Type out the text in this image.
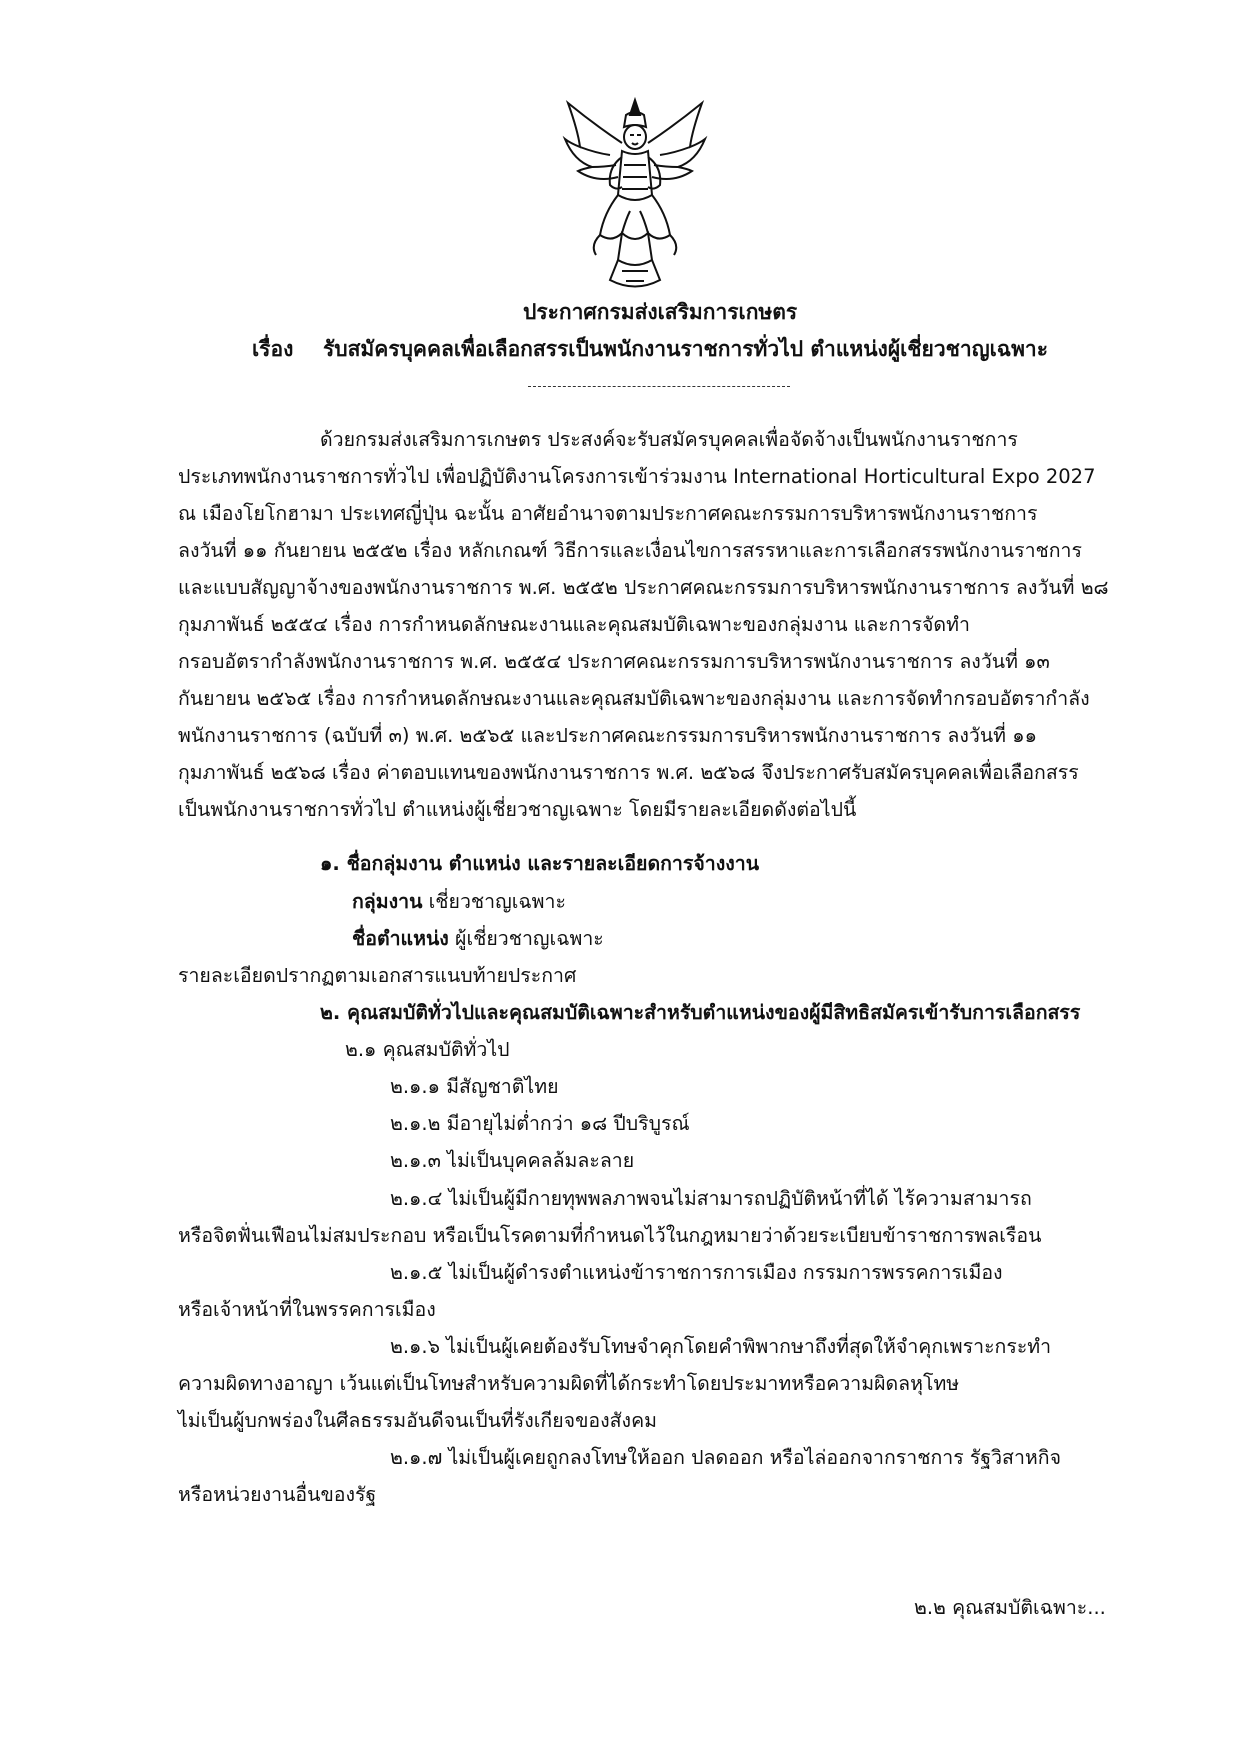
ประกาศกรมส่งเสริมการเกษตร
เรื่อง รับสมัครบุคคลเพื่อเลือกสรรเป็นพนักงานราชการทั่วไป ตำแหน่งผู้เชี่ยวชาญเฉพาะ
ด้วยกรมส่งเสริมการเกษตร ประสงค์จะรับสมัครบุคคลเพื่อจัดจ้างเป็นพนักงานราชการ
ประเภทพนักงานราชการทั่วไป เพื่อปฏิบัติงานโครงการเข้าร่วมงาน International Horticultural Expo 2027
ณ เมืองโยโกฮามา ประเทศญี่ปุ่น ฉะนั้น อาศัยอำนาจตามประกาศคณะกรรมการบริหารพนักงานราชการ
ลงวันที่ ๑๑ กันยายน ๒๕๕๒ เรื่อง หลักเกณฑ์ วิธีการและเงื่อนไขการสรรหาและการเลือกสรรพนักงานราชการ
และแบบสัญญาจ้างของพนักงานราชการ พ.ศ. ๒๕๕๒ ประกาศคณะกรรมการบริหารพนักงานราชการ ลงวันที่ ๒๘
กุมภาพันธ์ ๒๕๕๔ เรื่อง การกำหนดลักษณะงานและคุณสมบัติเฉพาะของกลุ่มงาน และการจัดทำ
กรอบอัตรากำลังพนักงานราชการ พ.ศ. ๒๕๕๔ ประกาศคณะกรรมการบริหารพนักงานราชการ ลงวันที่ ๑๓
กันยายน ๒๕๖๕ เรื่อง การกำหนดลักษณะงานและคุณสมบัติเฉพาะของกลุ่มงาน และการจัดทำกรอบอัตรากำลัง
พนักงานราชการ (ฉบับที่ ๓) พ.ศ. ๒๕๖๕ และประกาศคณะกรรมการบริหารพนักงานราชการ ลงวันที่ ๑๑
กุมภาพันธ์ ๒๕๖๘ เรื่อง ค่าตอบแทนของพนักงานราชการ พ.ศ. ๒๕๖๘ จึงประกาศรับสมัครบุคคลเพื่อเลือกสรร
เป็นพนักงานราชการทั่วไป ตำแหน่งผู้เชี่ยวชาญเฉพาะ โดยมีรายละเอียดดังต่อไปนี้
๑. ชื่อกลุ่มงาน ตำแหน่ง และรายละเอียดการจ้างงาน
กลุ่มงาน เชี่ยวชาญเฉพาะ
ชื่อตำแหน่ง ผู้เชี่ยวชาญเฉพาะ
รายละเอียดปรากฏตามเอกสารแนบท้ายประกาศ
๒. คุณสมบัติทั่วไปและคุณสมบัติเฉพาะสำหรับตำแหน่งของผู้มีสิทธิสมัครเข้ารับการเลือกสรร
๒.๑ คุณสมบัติทั่วไป
๒.๑.๑ มีสัญชาติไทย
๒.๑.๒ มีอายุไม่ต่ำกว่า ๑๘ ปีบริบูรณ์
๒.๑.๓ ไม่เป็นบุคคลล้มละลาย
๒.๑.๔ ไม่เป็นผู้มีกายทุพพลภาพจนไม่สามารถปฏิบัติหน้าที่ได้ ไร้ความสามารถ
หรือจิตฟั่นเฟือนไม่สมประกอบ หรือเป็นโรคตามที่กำหนดไว้ในกฎหมายว่าด้วยระเบียบข้าราชการพลเรือน
๒.๑.๕ ไม่เป็นผู้ดำรงตำแหน่งข้าราชการการเมือง กรรมการพรรคการเมือง
หรือเจ้าหน้าที่ในพรรคการเมือง
๒.๑.๖ ไม่เป็นผู้เคยต้องรับโทษจำคุกโดยคำพิพากษาถึงที่สุดให้จำคุกเพราะกระทำ
ความผิดทางอาญา เว้นแต่เป็นโทษสำหรับความผิดที่ได้กระทำโดยประมาทหรือความผิดลหุโทษ
ไม่เป็นผู้บกพร่องในศีลธรรมอันดีจนเป็นที่รังเกียจของสังคม
๒.๑.๗ ไม่เป็นผู้เคยถูกลงโทษให้ออก ปลดออก หรือไล่ออกจากราชการ รัฐวิสาหกิจ
หรือหน่วยงานอื่นของรัฐ
๒.๒ คุณสมบัติเฉพาะ...
